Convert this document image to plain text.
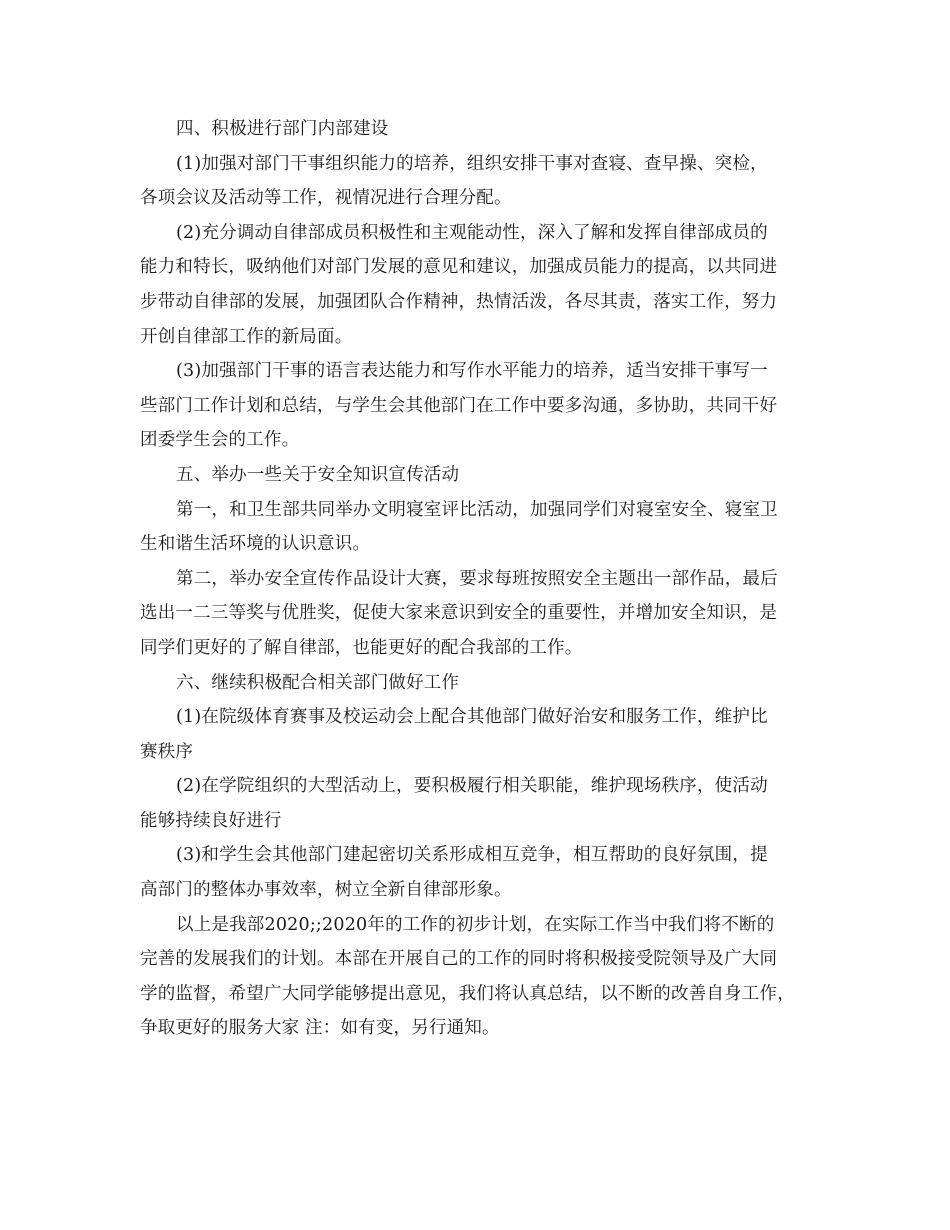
四、积极进行部门内部建设
(1)加强对部门干事组织能力的培养，组织安排干事对查寝、查早操、突检，
各项会议及活动等工作，视情况进行合理分配。
(2)充分调动自律部成员积极性和主观能动性，深入了解和发挥自律部成员的
能力和特长，吸纳他们对部门发展的意见和建议，加强成员能力的提高，以共同进
步带动自律部的发展，加强团队合作精神，热情活泼，各尽其责，落实工作，努力
开创自律部工作的新局面。
(3)加强部门干事的语言表达能力和写作水平能力的培养，适当安排干事写一
些部门工作计划和总结，与学生会其他部门在工作中要多沟通，多协助，共同干好
团委学生会的工作。
五、举办一些关于安全知识宣传活动
第一，和卫生部共同举办文明寝室评比活动，加强同学们对寝室安全、寝室卫
生和谐生活环境的认识意识。
第二，举办安全宣传作品设计大赛，要求每班按照安全主题出一部作品，最后
选出一二三等奖与优胜奖，促使大家来意识到安全的重要性，并增加安全知识，是
同学们更好的了解自律部，也能更好的配合我部的工作。
六、继续积极配合相关部门做好工作
(1)在院级体育赛事及校运动会上配合其他部门做好治安和服务工作，维护比
赛秩序
(2)在学院组织的大型活动上，要积极履行相关职能，维护现场秩序，使活动
能够持续良好进行
(3)和学生会其他部门建起密切关系形成相互竞争，相互帮助的良好氛围，提
高部门的整体办事效率，树立全新自律部形象。
以上是我部2020;;2020年的工作的初步计划，在实际工作当中我们将不断的
完善的发展我们的计划。本部在开展自己的工作的同时将积极接受院领导及广大同
学的监督，希望广大同学能够提出意见，我们将认真总结，以不断的改善自身工作，
争取更好的服务大家 注：如有变，另行通知。
